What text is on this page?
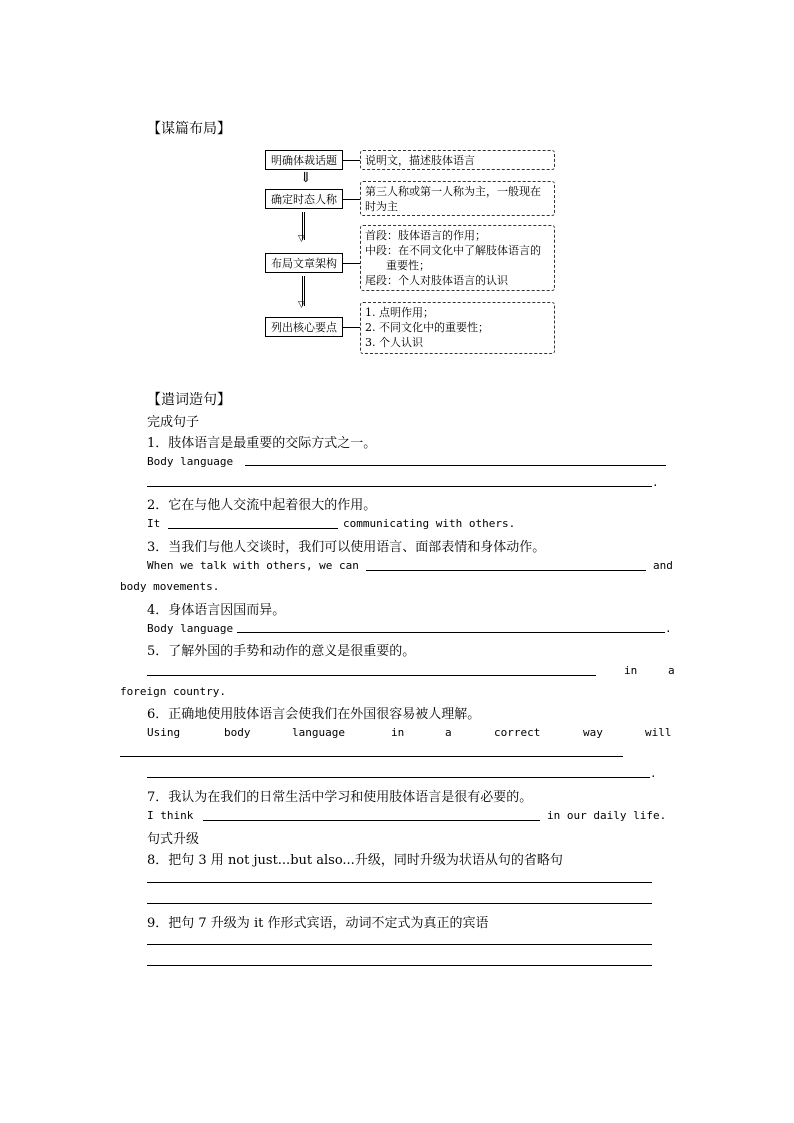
【谋篇布局】
明确体裁话题	说明文，描述肢体语言
⇓
确定时态人称
第三人称或第一人称为主，一般现在
时为主
▽
布局文章架构
首段：肢体语言的作用；
中段：在不同文化中了解肢体语言的
重要性；
尾段：个人对肢体语言的认识
▽
列出核心要点
1. 点明作用；
2. 不同文化中的重要性；
3. 个人认识
【遣词造句】
完成句子
1．肢体语言是最重要的交际方式之一。
Body language
.
2．它在与他人交流中起着很大的作用。
It	communicating with others.
3．当我们与他人交谈时，我们可以使用语言、面部表情和身体动作。
When we talk with others, we can	and
body movements.
4．身体语言因国而异。
Body language	.
5．了解外国的手势和动作的意义是很重要的。
in	a
foreign country.
6．正确地使用肢体语言会使我们在外国很容易被人理解。
Using	body	language	in	a	correct	way	will
.
7．我认为在我们的日常生活中学习和使用肢体语言是很有必要的。
I think	in our daily life.
句式升级
8．把句 3 用 not just...but also...升级，同时升级为状语从句的省略句
9．把句 7 升级为 it 作形式宾语，动词不定式为真正的宾语
